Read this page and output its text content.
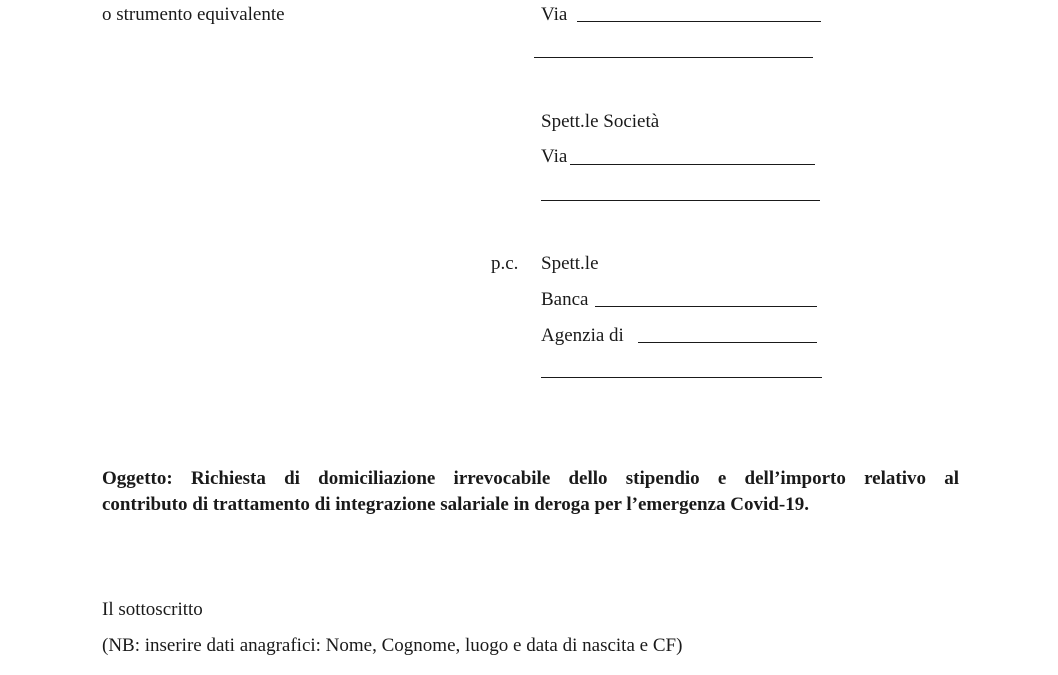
o strumento equivalente	Via
Spett.le Società
Via
p.c. Spett.le
Banca
Agenzia di
Oggetto: Richiesta di domiciliazione irrevocabile dello stipendio e dell’importo relativo al
contributo di trattamento di integrazione salariale in deroga per l’emergenza Covid-19.
Il sottoscritto
(NB: inserire dati anagrafici: Nome, Cognome, luogo e data di nascita e CF)
